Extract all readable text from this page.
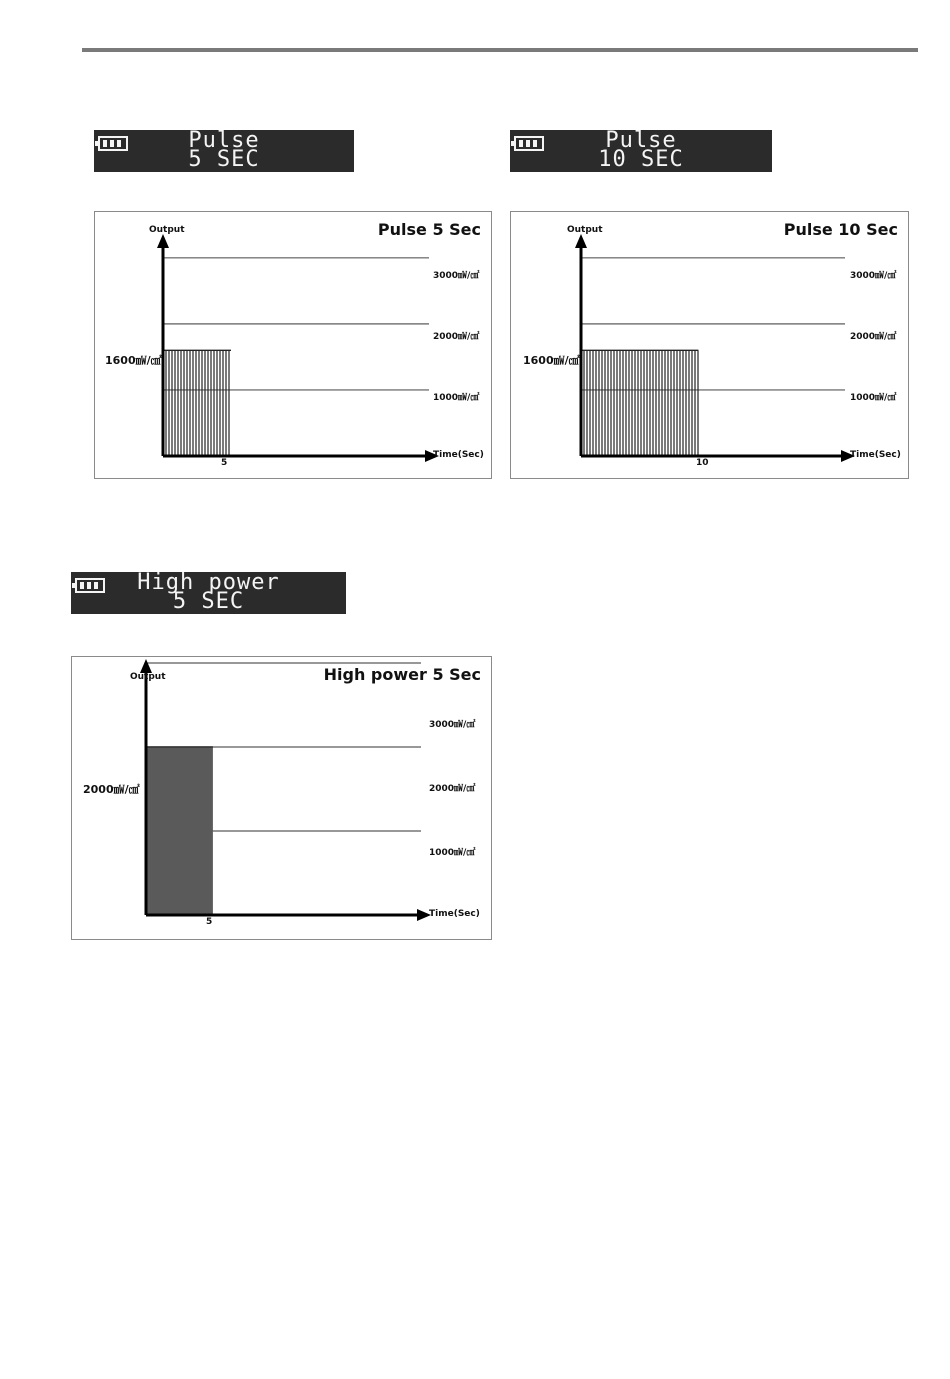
Pulse
5 SEC
Pulse
10 SEC
High power
5 SEC
Pulse 5 Sec
Output
Time(Sec)
1000㎽/㎠
2000㎽/㎠
3000㎽/㎠
1600㎽/㎠
5
Pulse 10 Sec
Output
Time(Sec)
1000㎽/㎠
2000㎽/㎠
3000㎽/㎠
1600㎽/㎠
10
High power 5 Sec
Output
Time(Sec)
1000㎽/㎠
2000㎽/㎠
3000㎽/㎠
2000㎽/㎠
5
